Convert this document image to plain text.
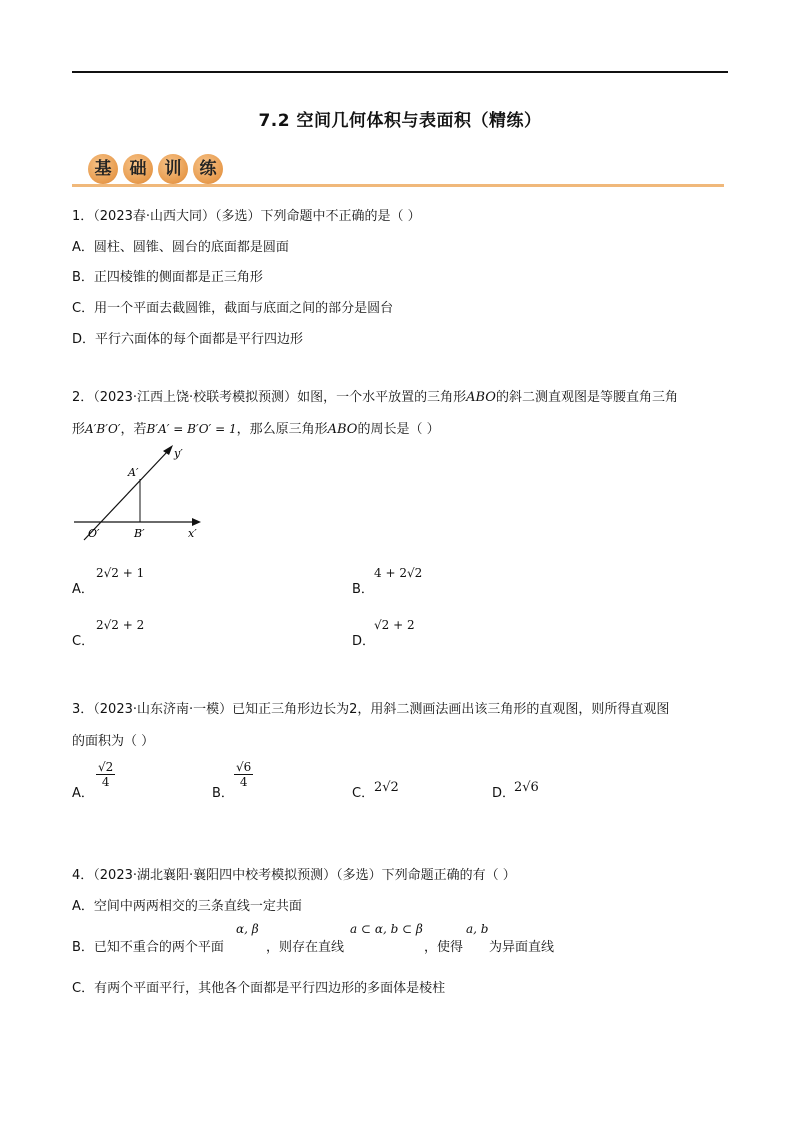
7.2 空间几何体积与表面积（精练）
基	础	训	练
1．（2023春·山西大同）（多选）下列命题中不正确的是（ ）
A．圆柱、圆锥、圆台的底面都是圆面
B．正四棱锥的侧面都是正三角形
C．用一个平面去截圆锥，截面与底面之间的部分是圆台
D．平行六面体的每个面都是平行四边形
2．（2023·江西上饶·校联考模拟预测）如图，一个水平放置的三角形ABO的斜二测直观图是等腰直角三角
形A′B′O′，若B′A′ = B′O′ = 1，那么原三角形ABO的周长是（ ）
y′
A′
O′	B′	x′
A．
2√2 + 1
B．
4 + 2√2
C．
2√2 + 2
D．
√2 + 2
3．（2023·山东济南·一模）已知正三角形边长为2，用斜二测画法画出该三角形的直观图，则所得直观图
的面积为（ ）
A．
$\frac{√2}{4}$
B．
$\frac{√6}{4}$
C． 2√2	D．
2√6
4．（2023·湖北襄阳·襄阳四中校考模拟预测）（多选）下列命题正确的有（ ）
A．空间中两两相交的三条直线一定共面
B．已知不重合的两个平面
α, β
，则存在直线
a ⊂ α, b ⊂ β
，使得
a, b
为异面直线
C．有两个平面平行，其他各个面都是平行四边形的多面体是棱柱
